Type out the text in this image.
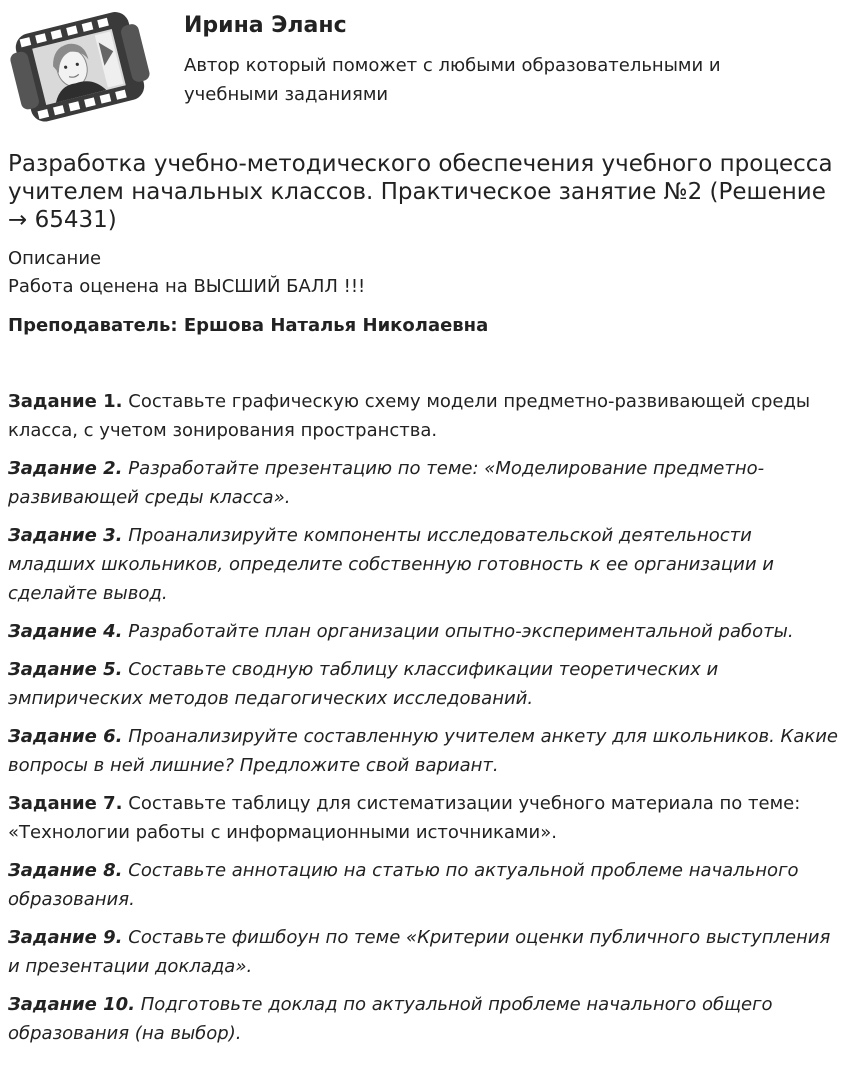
Ирина Эланс
Автор который поможет с любыми образовательными и учебными заданиями
Разработка учебно-методического обеспечения учебного процесса учителем начальных классов. Практическое занятие №2 (Решение → 65431)
Описание
Работа оценена на ВЫСШИЙ БАЛЛ !!!
Преподаватель: Ершова Наталья Николаевна

Задание 1. Составьте графическую схему модели предметно-развивающей среды класса, с учетом зонирования пространства.

Задание 2. Разработайте презентацию по теме: «Моделирование предметно-развивающей среды класса».

Задание 3. Проанализируйте компоненты исследовательской деятельности младших школьников, определите собственную готовность к ее организации и сделайте вывод.

Задание 4. Разработайте план организации опытно-экспериментальной работы.

Задание 5. Составьте сводную таблицу классификации теоретических и эмпирических методов педагогических исследований.

Задание 6. Проанализируйте составленную учителем анкету для школьников. Какие вопросы в ней лишние? Предложите свой вариант.

Задание 7. Составьте таблицу для систематизации учебного материала по теме: «Технологии работы с информационными источниками».

Задание 8. Составьте аннотацию на статью по актуальной проблеме начального образования.

Задание 9. Составьте фишбоун по теме «Критерии оценки публичного выступления и презентации доклада».

Задание 10. Подготовьте доклад по актуальной проблеме начального общего образования (на выбор).
